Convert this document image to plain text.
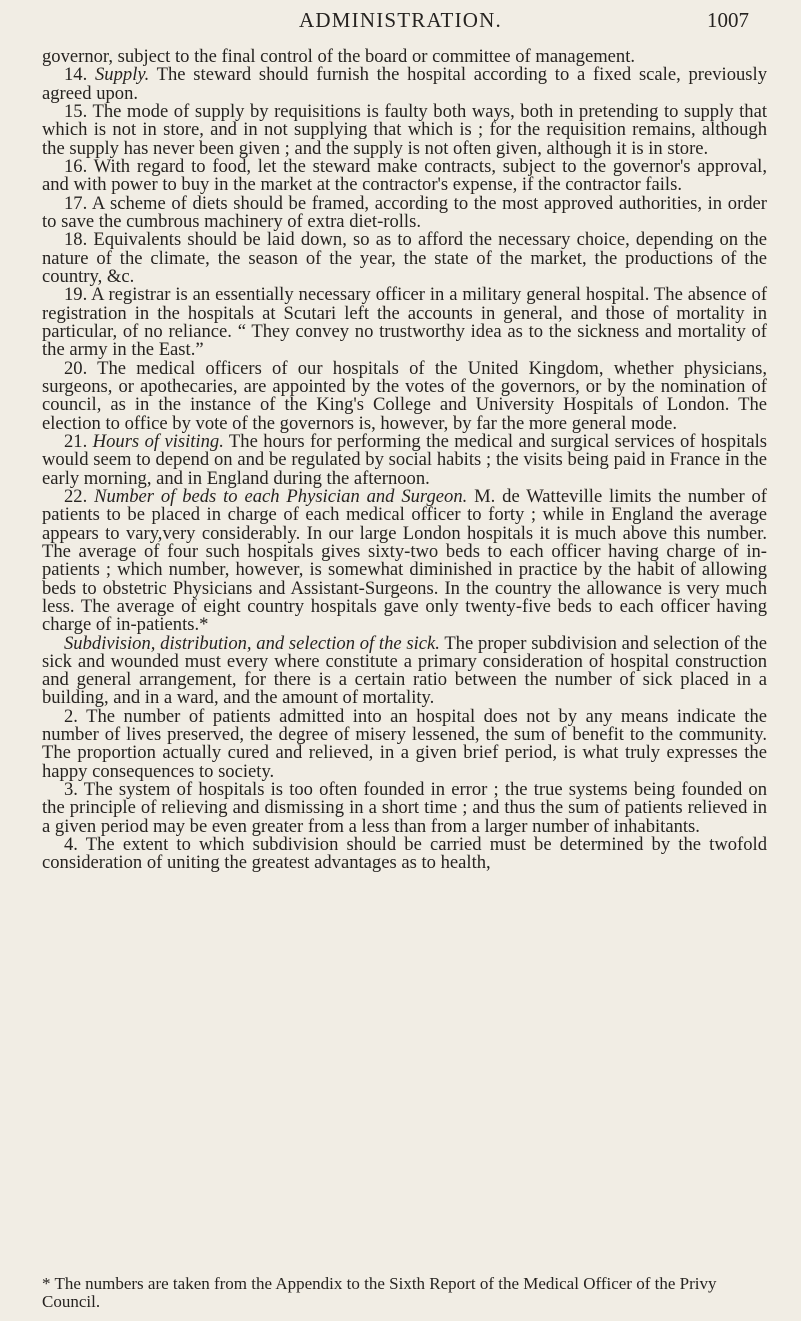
ADMINISTRATION.	1007

governor, subject to the final control of the board or committee of management.

14. Supply. The steward should furnish the hospital according to a fixed scale, previously agreed upon.

15. The mode of supply by requisitions is faulty both ways, both in pretending to supply that which is not in store, and in not supplying that which is ; for the requisition remains, although the supply has never been given ; and the supply is not often given, although it is in store.

16. With regard to food, let the steward make contracts, subject to the governor's approval, and with power to buy in the market at the contractor's expense, if the contractor fails.

17. A scheme of diets should be framed, according to the most approved authorities, in order to save the cumbrous machinery of extra diet-rolls.

18. Equivalents should be laid down, so as to afford the necessary choice, depending on the nature of the climate, the season of the year, the state of the market, the productions of the country, &c.

19. A registrar is an essentially necessary officer in a military general hospital. The absence of registration in the hospitals at Scutari left the accounts in general, and those of mortality in particular, of no reliance. “ They convey no trustworthy idea as to the sickness and mortality of the army in the East.”

20. The medical officers of our hospitals of the United Kingdom, whether physicians, surgeons, or apothecaries, are appointed by the votes of the governors, or by the nomination of council, as in the instance of the King's College and University Hospitals of London. The election to office by vote of the governors is, however, by far the more general mode.

21. Hours of visiting. The hours for performing the medical and surgical services of hospitals would seem to depend on and be regulated by social habits ; the visits being paid in France in the early morning, and in England during the afternoon.

22. Number of beds to each Physician and Surgeon. M. de Watteville limits the number of patients to be placed in charge of each medical officer to forty ; while in England the average appears to vary,very considerably. In our large London hospitals it is much above this number. The average of four such hospitals gives sixty-two beds to each officer having charge of in-patients ; which number, however, is somewhat diminished in practice by the habit of allowing beds to obstetric Physicians and Assistant-Surgeons. In the country the allowance is very much less. The average of eight country hospitals gave only twenty-five beds to each officer having charge of in-patients.*

Subdivision, distribution, and selection of the sick. The proper subdivision and selection of the sick and wounded must every where constitute a primary consideration of hospital construction and general arrangement, for there is a certain ratio between the number of sick placed in a building, and in a ward, and the amount of mortality.

2. The number of patients admitted into an hospital does not by any means indicate the number of lives preserved, the degree of misery lessened, the sum of benefit to the community. The proportion actually cured and relieved, in a given brief period, is what truly expresses the happy consequences to society.

3. The system of hospitals is too often founded in error ; the true systems being founded on the principle of relieving and dismissing in a short time ; and thus the sum of patients relieved in a given period may be even greater from a less than from a larger number of inhabitants.

4. The extent to which subdivision should be carried must be determined by the twofold consideration of uniting the greatest advantages as to health,

* The numbers are taken from the Appendix to the Sixth Report of the Medical Officer of the Privy Council.
